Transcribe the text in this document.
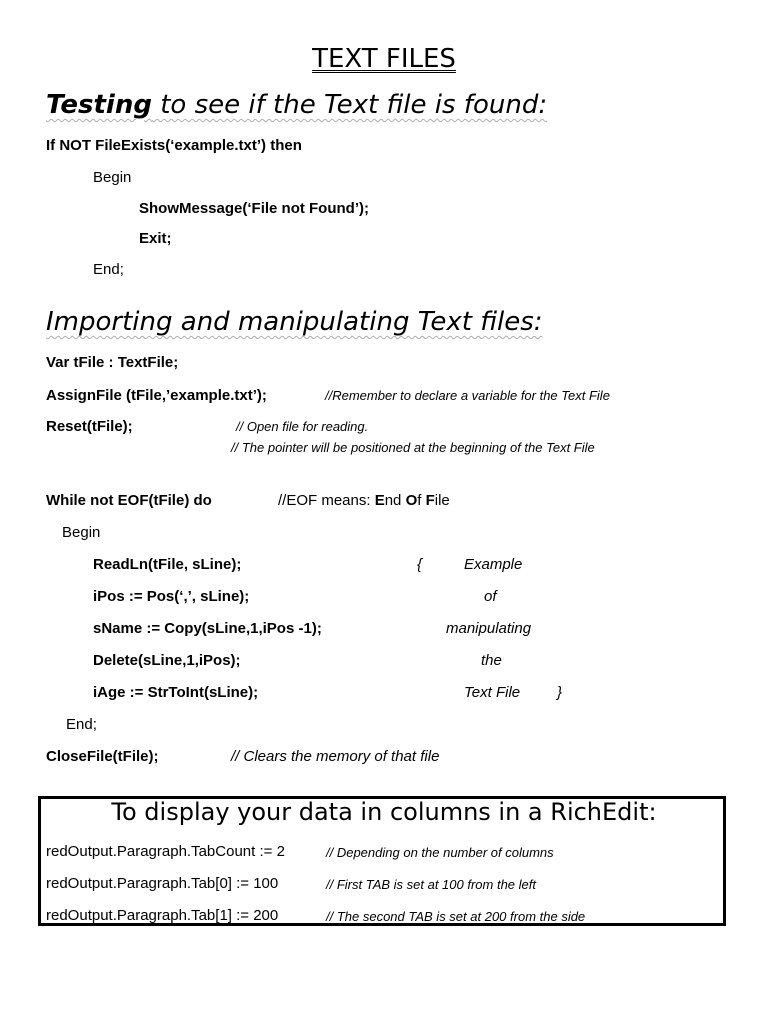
TEXT FILES
Testing to see if the Text file is found:
If NOT FileExists(‘example.txt’) then
Begin
ShowMessage(‘File not Found’);
Exit;
End;
Importing and manipulating Text files:
Var tFile : TextFile;
AssignFile (tFile,’example.txt’);	//Remember to declare a variable for the Text File
Reset(tFile);	// Open file for reading.
// The pointer will be positioned at the beginning of the Text File
While not EOF(tFile) do	//EOF means: End Of File
Begin
ReadLn(tFile, sLine);
iPos := Pos(‘,’, sLine);
sName := Copy(sLine,1,iPos -1);
Delete(sLine,1,iPos);
iAge := StrToInt(sLine);
{	Example
of
manipulating
the
Text File }
End;
CloseFile(tFile);	// Clears the memory of that file
To display your data in columns in a RichEdit:
redOutput.Paragraph.TabCount := 2	// Depending on the number of columns
redOutput.Paragraph.Tab[0] := 100	// First TAB is set at 100 from the left
redOutput.Paragraph.Tab[1] := 200	// The second TAB is set at 200 from the side
